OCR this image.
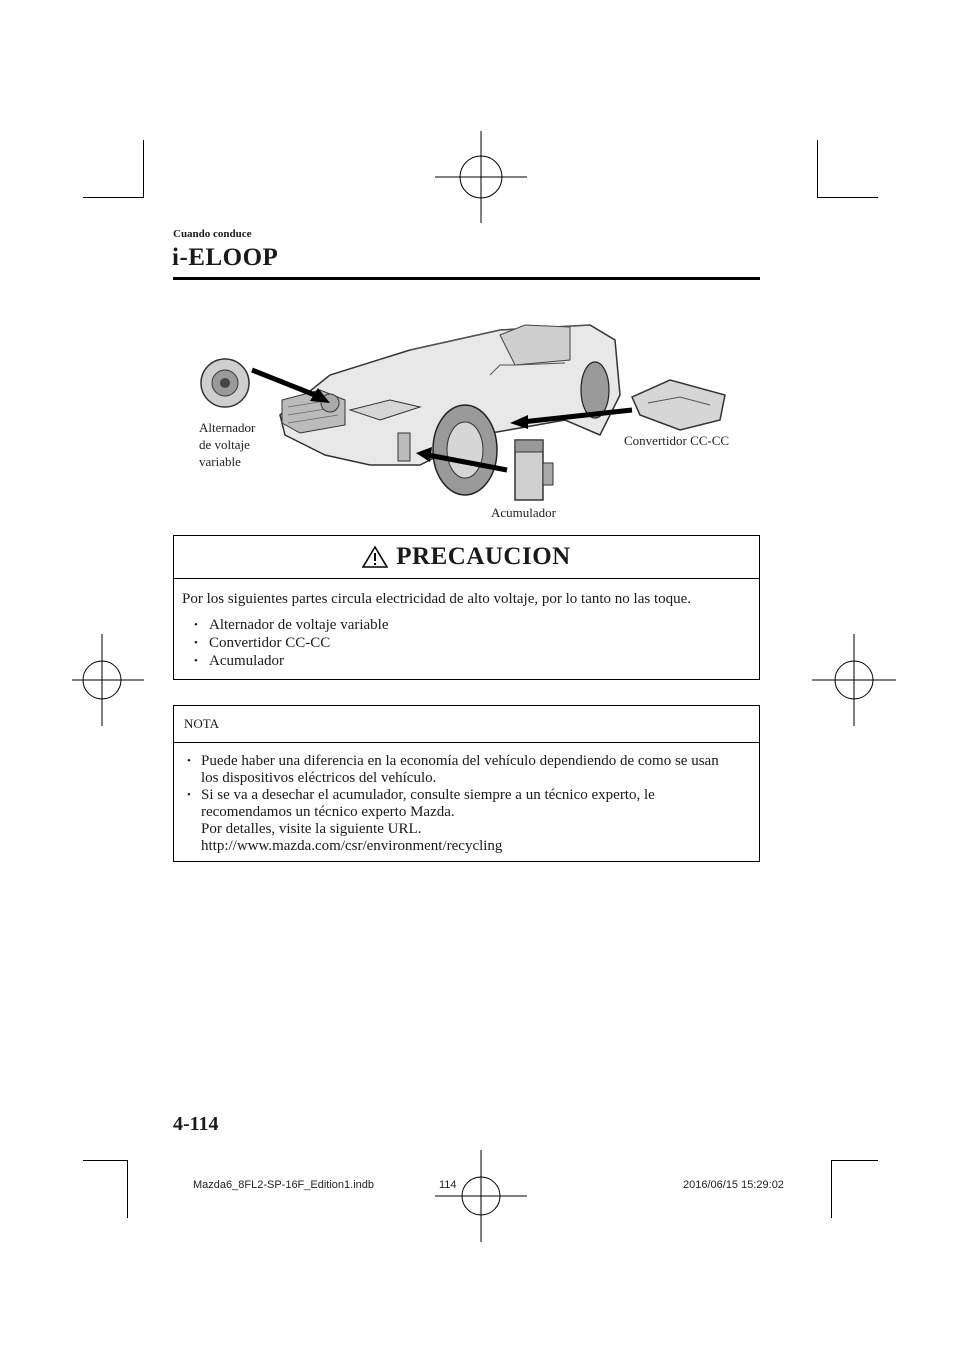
Cuando conduce
i-ELOOP
Alternador
de voltaje
variable
Convertidor CC-CC
Acumulador
PRECAUCION

Por los siguientes partes circula electricidad de alto voltaje, por lo tanto no las toque.

• Alternador de voltaje variable
• Convertidor CC-CC
• Acumulador
NOTA
• Puede haber una diferencia en la economía del vehículo dependiendo de como se usan
los dispositivos eléctricos del vehículo.
• Si se va a desechar el acumulador, consulte siempre a un técnico experto, le
recomendamos un técnico experto Mazda.
Por detalles, visite la siguiente URL.
http://www.mazda.com/csr/environment/recycling
4-114
Mazda6_8FL2-SP-16F_Edition1.indb	114	2016/06/15 15:29:02
